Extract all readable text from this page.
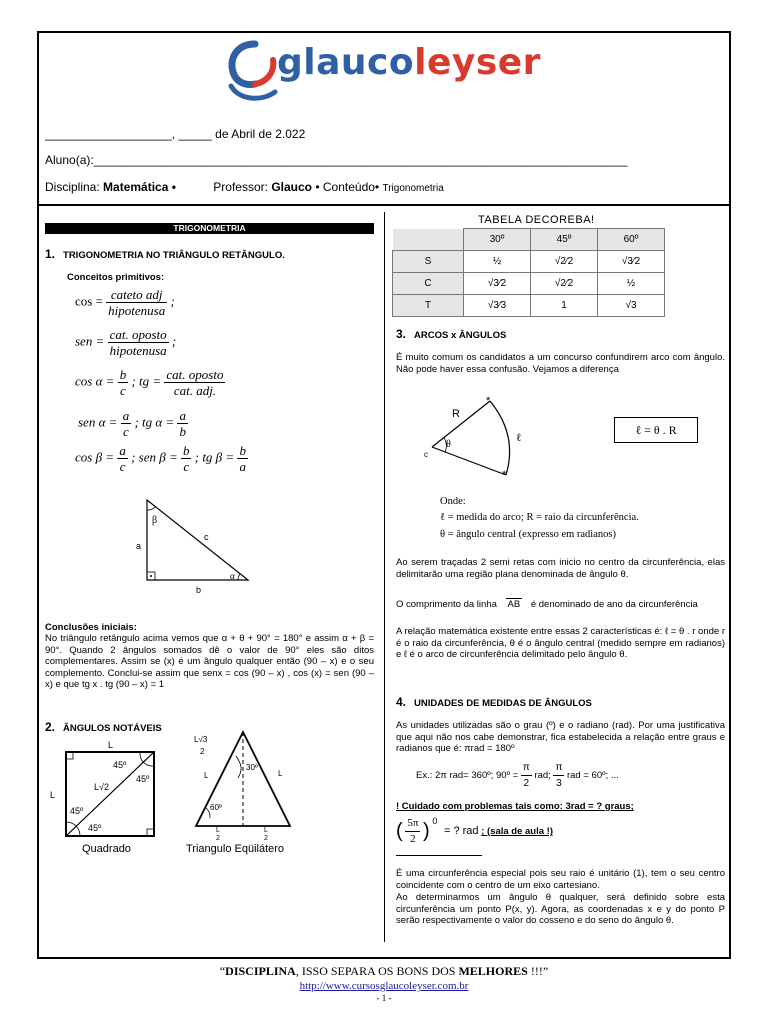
glaucoleyser
___________________, _____ de Abril de 2.022
Aluno(a):________________________________________________________________________________
Disciplina: Matemática •	Professor: Glauco • Conteúdo• Trigonometria
TRIGONOMETRIA
1. TRIGONOMETRIA NO TRIÂNGULO RETÂNGULO.
Conceitos primitivos:
$\cos = \frac{\text{cateto adj}}{\text{hipotenusa}}$ ;
sen = $\frac{\text{cat. oposto}}{\text{hipotenusa}}$ ;
$\cos \alpha = \frac{b}{c}$ ; tg = $\frac{\text{cat. oposto}}{\text{cat. adj.}}$
sen $\alpha = \frac{a}{c}$ ; tg $\alpha = \frac{a}{b}$
$\cos \beta = \frac{a}{c}$ ; sen $\beta = \frac{b}{c}$ ; tg $\beta = \frac{b}{a}$
β
α
a
b
c
Conclusões iniciais:
No triângulo retângulo acima vemos que α + θ + 90° = 180° e assim α + β = 90°. Quando 2 ângulos somados dê o valor de 90° eles são ditos complementares. Assim se (x) é um ângulo qualquer então (90 – x) e o seu complemento. Conclui-se assim que senx = cos (90 – x) , cos (x) = sen (90 – x) e que tg x . tg (90 – x) = 1
2. ÂNGULOS NOTÁVEIS
L
L
45º
45º
45º
45º
L√2
Quadrado
L√3
2
30º
60º
L	L
L
2
L
2
Triangulo Eqüilátero
TABELA DECOREBA!
	30º	45º	60º
S	½	√2⁄2	√3⁄2
C	√3⁄2	√2⁄2	½
T	√3⁄3	1	√3
3. ARCOS x ÂNGULOS
É muito comum os candidatos a um concurso confundirem arco com ângulo. Não pode haver essa confusão. Vejamos a diferença
*
*
R
θ
ℓ
c
ℓ = θ . R
Onde:
ℓ = medida do arco; R = raio da circunferência.
θ = ângulo central (expresso em radianos)
Ao serem traçadas 2 semi retas com inicio no centro da circunferência, elas delimitarão uma região plana denominada de ângulo θ.
O comprimento da linha AB é denominado de ano da circunferência
A relação matemática existente entre essas 2 características é: ℓ = θ . r onde r é o raio da circunferência, θ é o ângulo central (medido sempre em radianos) e ℓ é o arco de circunferência delimitado pelo ângulo θ.
4. UNIDADES DE MEDIDAS DE ÂNGULOS
As unidades utilizadas são o grau (º) e o radiano (rad). Por uma justificativa que aqui não nos cabe demonstrar, fica estabelecida a relação entre graus e radianos que é: πrad = 180º
Ex.: 2π rad= 360º; 90º = $\frac{\pi}{2}$ rad; $\frac{\pi}{3}$ rad = 60º; ...
! Cuidado com problemas tais como: 3rad = ? graus;
( $\frac{5\pi}{2}$ ) $^0$ = ? rad ; (sala de aula !)
É uma circunferência especial pois seu raio é unitário (1), tem o seu centro coincidente com o centro de um eixo cartesiano.
Ao determinarmos um ângulo θ qualquer, será definido sobre esta circunferência um ponto P(x, y). Agora, as coordenadas x e y do ponto P serão respectivamente o valor do cosseno e do seno do ângulo θ.
“DISCIPLINA, ISSO SEPARA OS BONS DOS MELHORES !!!”
http://www.cursosglaucoleyser.com.br
- 1 -
